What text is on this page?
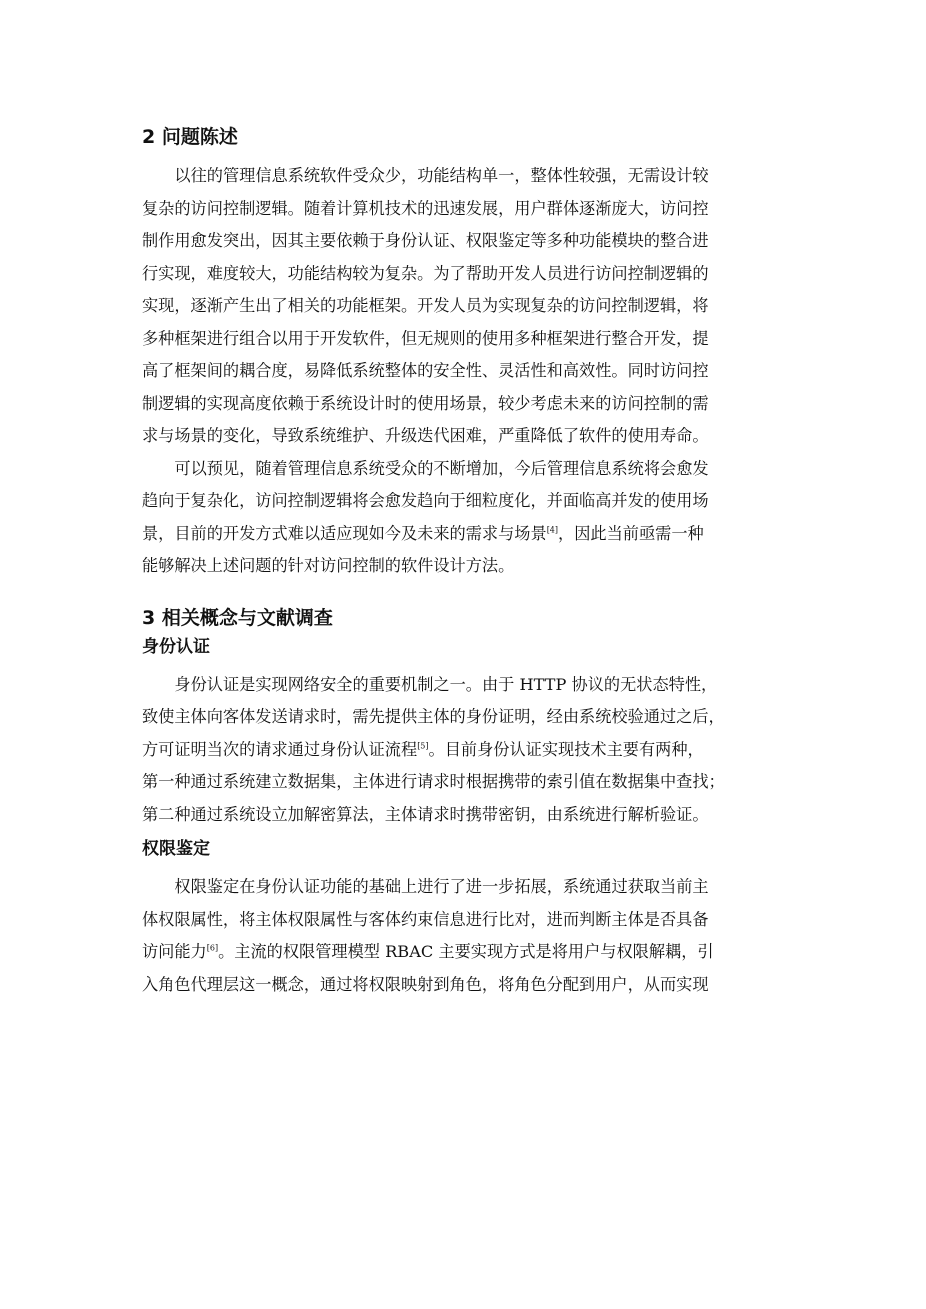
2 问题陈述

以往的管理信息系统软件受众少，功能结构单一，整体性较强，无需设计较
复杂的访问控制逻辑。随着计算机技术的迅速发展，用户群体逐渐庞大，访问控
制作用愈发突出，因其主要依赖于身份认证、权限鉴定等多种功能模块的整合进
行实现，难度较大，功能结构较为复杂。为了帮助开发人员进行访问控制逻辑的
实现，逐渐产生出了相关的功能框架。开发人员为实现复杂的访问控制逻辑，将
多种框架进行组合以用于开发软件，但无规则的使用多种框架进行整合开发，提
高了框架间的耦合度，易降低系统整体的安全性、灵活性和高效性。同时访问控
制逻辑的实现高度依赖于系统设计时的使用场景，较少考虑未来的访问控制的需
求与场景的变化，导致系统维护、升级迭代困难，严重降低了软件的使用寿命。

可以预见，随着管理信息系统受众的不断增加，今后管理信息系统将会愈发
趋向于复杂化，访问控制逻辑将会愈发趋向于细粒度化，并面临高并发的使用场
景，目前的开发方式难以适应现如今及未来的需求与场景[4]，因此当前亟需一种
能够解决上述问题的针对访问控制的软件设计方法。

3 相关概念与文献调查
身份认证

身份认证是实现网络安全的重要机制之一。由于 HTTP 协议的无状态特性，
致使主体向客体发送请求时，需先提供主体的身份证明，经由系统校验通过之后，
方可证明当次的请求通过身份认证流程[5]。目前身份认证实现技术主要有两种，
第一种通过系统建立数据集，主体进行请求时根据携带的索引值在数据集中查找；
第二种通过系统设立加解密算法，主体请求时携带密钥，由系统进行解析验证。

权限鉴定

权限鉴定在身份认证功能的基础上进行了进一步拓展，系统通过获取当前主
体权限属性，将主体权限属性与客体约束信息进行比对，进而判断主体是否具备
访问能力[6]。主流的权限管理模型 RBAC 主要实现方式是将用户与权限解耦，引
入角色代理层这一概念，通过将权限映射到角色，将角色分配到用户，从而实现
